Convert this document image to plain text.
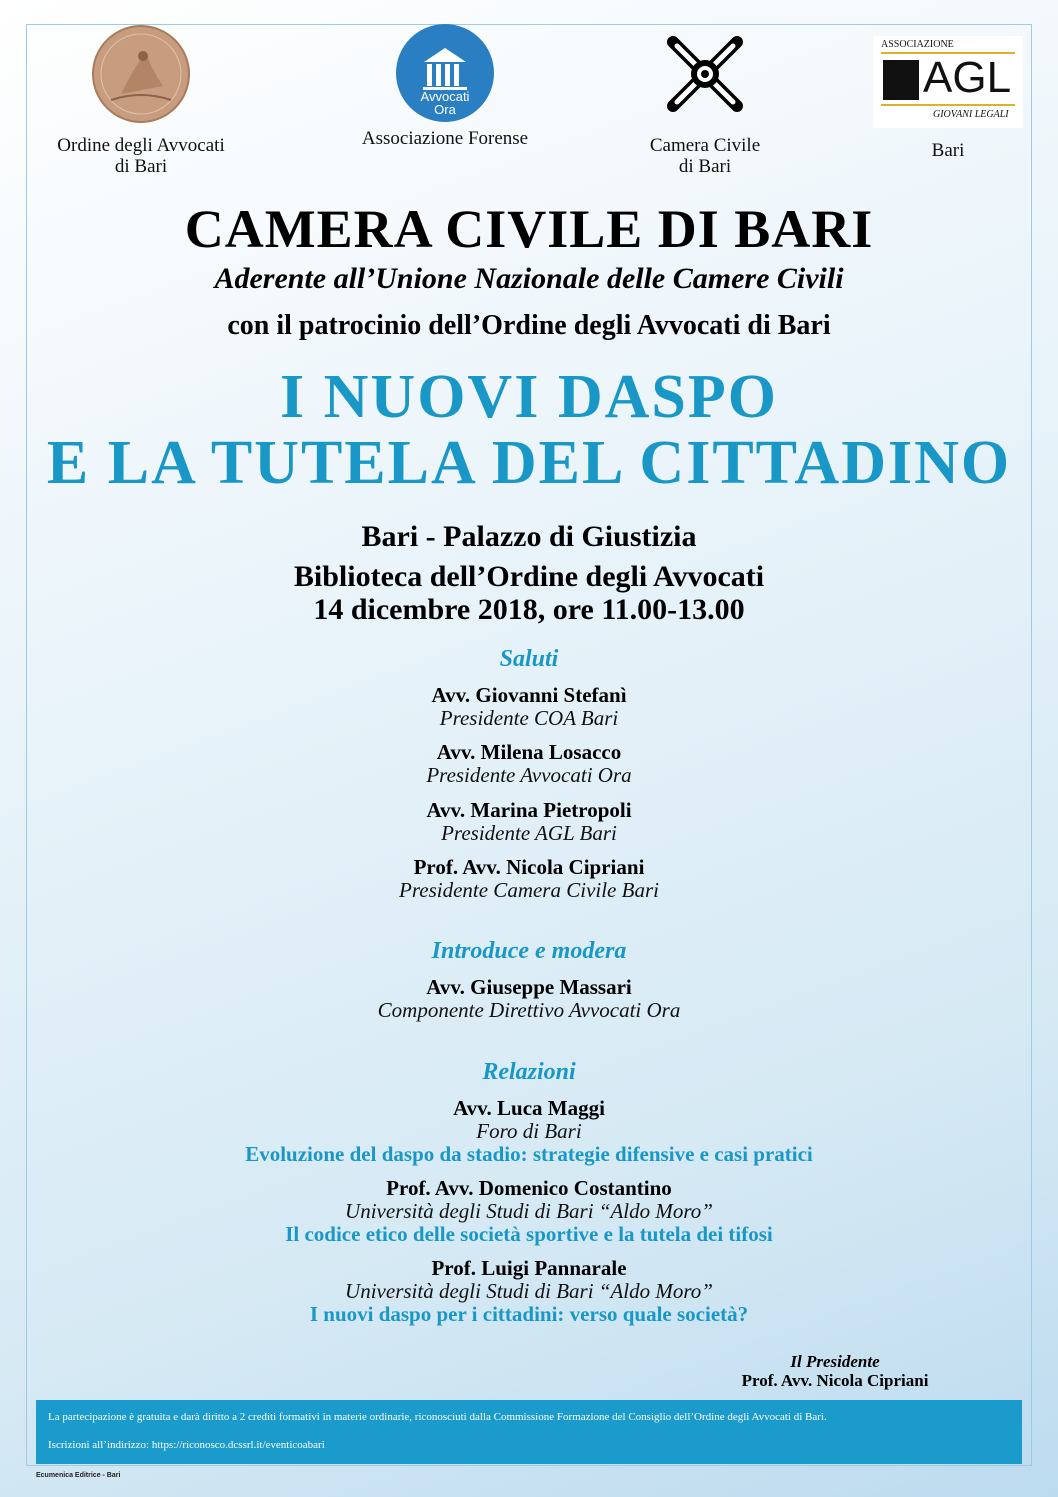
Ordine degli Avvocati
di Bari
Avvocati
Ora
Associazione Forense	Camera Civile
di Bari
ASSOCIAZIONE
AGL
GIOVANI LEGALI
Bari
CAMERA CIVILE DI BARI
Aderente all’Unione Nazionale delle Camere Civili
con il patrocinio dell’Ordine degli Avvocati di Bari
I NUOVI DASPO
E LA TUTELA DEL CITTADINO
Bari - Palazzo di Giustizia
Biblioteca dell’Ordine degli Avvocati
14 dicembre 2018, ore 11.00-13.00
Saluti
Avv. Giovanni Stefanì
Presidente COA Bari
Avv. Milena Losacco
Presidente Avvocati Ora
Avv. Marina Pietropoli
Presidente AGL Bari
Prof. Avv. Nicola Cipriani
Presidente Camera Civile Bari
Introduce e modera
Avv. Giuseppe Massari
Componente Direttivo Avvocati Ora
Relazioni
Avv. Luca Maggi
Foro di Bari
Evoluzione del daspo da stadio: strategie difensive e casi pratici
Prof. Avv. Domenico Costantino
Università degli Studi di Bari “Aldo Moro”
Il codice etico delle società sportive e la tutela dei tifosi
Prof. Luigi Pannarale
Università degli Studi di Bari “Aldo Moro”
I nuovi daspo per i cittadini: verso quale società?
Il Presidente
Prof. Avv. Nicola Cipriani

La partecipazione è gratuita e darà diritto a 2 crediti formativi in materie ordinarie, riconosciuti dalla Commissione Formazione del Consiglio dell’Ordine degli Avvocati di Bari.

Iscrizioni all’indirizzo: https://riconosco.dcssrl.it/eventicoabari

Ecumenica Editrice - Bari
